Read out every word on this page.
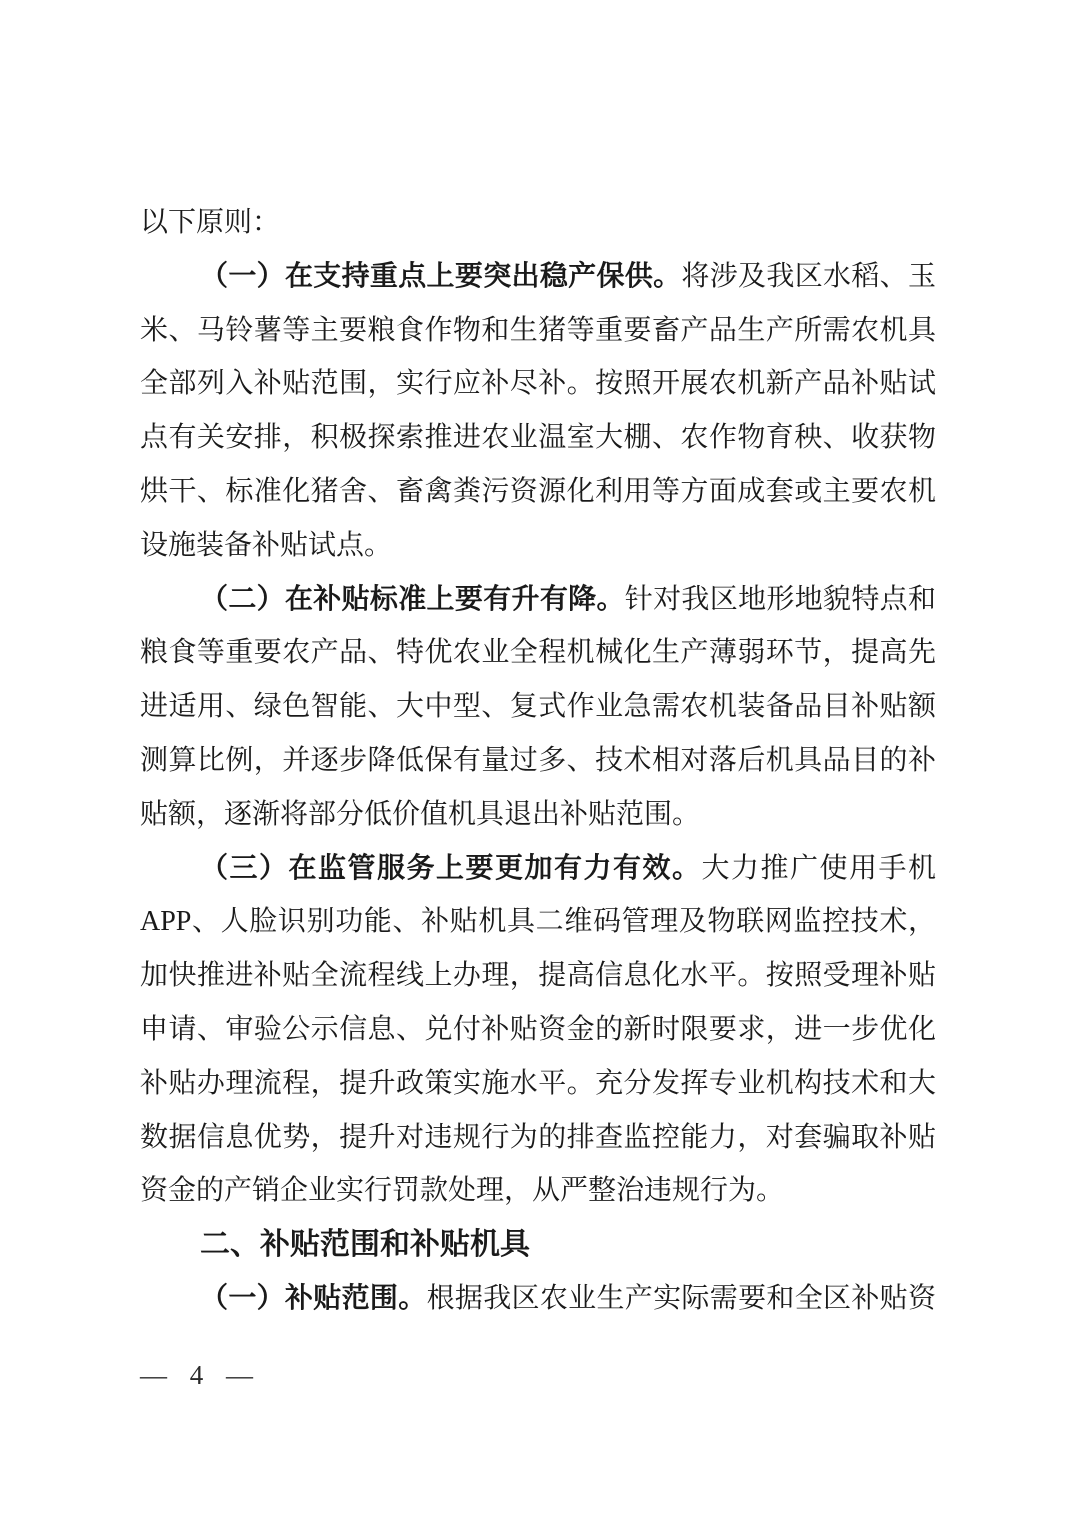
以下原则：
（一）在支持重点上要突出稳产保供。将涉及我区水稻、玉
米、马铃薯等主要粮食作物和生猪等重要畜产品生产所需农机具
全部列入补贴范围，实行应补尽补。按照开展农机新产品补贴试
点有关安排，积极探索推进农业温室大棚、农作物育秧、收获物
烘干、标准化猪舍、畜禽粪污资源化利用等方面成套或主要农机
设施装备补贴试点。
（二）在补贴标准上要有升有降。针对我区地形地貌特点和
粮食等重要农产品、特优农业全程机械化生产薄弱环节，提高先
进适用、绿色智能、大中型、复式作业急需农机装备品目补贴额
测算比例，并逐步降低保有量过多、技术相对落后机具品目的补
贴额，逐渐将部分低价值机具退出补贴范围。
（三）在监管服务上要更加有力有效。大力推广使用手机
APP、人脸识别功能、补贴机具二维码管理及物联网监控技术，
加快推进补贴全流程线上办理，提高信息化水平。按照受理补贴
申请、审验公示信息、兑付补贴资金的新时限要求，进一步优化
补贴办理流程，提升政策实施水平。充分发挥专业机构技术和大
数据信息优势，提升对违规行为的排查监控能力，对套骗取补贴
资金的产销企业实行罚款处理，从严整治违规行为。
二、补贴范围和补贴机具
（一）补贴范围。根据我区农业生产实际需要和全区补贴资
— 4 —
